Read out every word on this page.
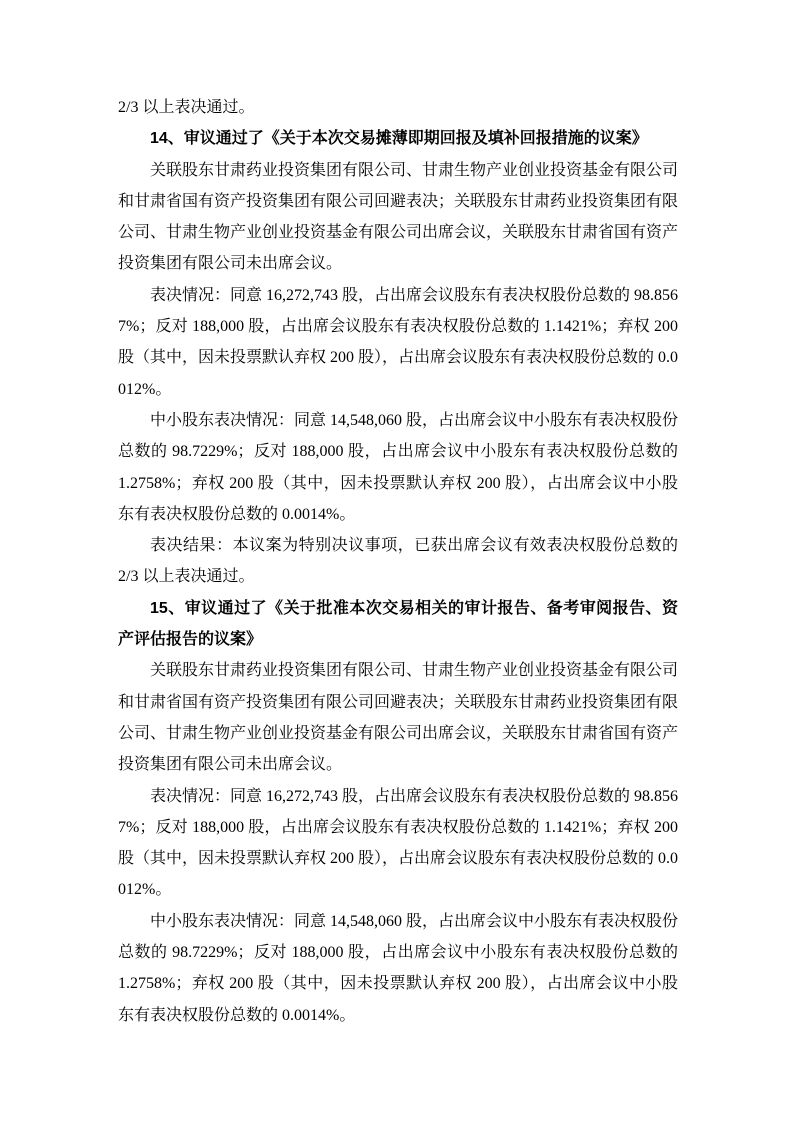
2/3 以上表决通过。

14、审议通过了《关于本次交易摊薄即期回报及填补回报措施的议案》

关联股东甘肃药业投资集团有限公司、甘肃生物产业创业投资基金有限公司和甘肃省国有资产投资集团有限公司回避表决；关联股东甘肃药业投资集团有限公司、甘肃生物产业创业投资基金有限公司出席会议，关联股东甘肃省国有资产投资集团有限公司未出席会议。

表决情况：同意 16,272,743 股，占出席会议股东有表决权股份总数的 98.8567%；反对 188,000 股，占出席会议股东有表决权股份总数的 1.1421%；弃权 200 股（其中，因未投票默认弃权 200 股），占出席会议股东有表决权股份总数的 0.0012%。

中小股东表决情况：同意 14,548,060 股，占出席会议中小股东有表决权股份总数的 98.7229%；反对 188,000 股，占出席会议中小股东有表决权股份总数的 1.2758%；弃权 200 股（其中，因未投票默认弃权 200 股），占出席会议中小股东有表决权股份总数的 0.0014%。

表决结果：本议案为特别决议事项，已获出席会议有效表决权股份总数的 2/3 以上表决通过。

15、审议通过了《关于批准本次交易相关的审计报告、备考审阅报告、资产评估报告的议案》

关联股东甘肃药业投资集团有限公司、甘肃生物产业创业投资基金有限公司和甘肃省国有资产投资集团有限公司回避表决；关联股东甘肃药业投资集团有限公司、甘肃生物产业创业投资基金有限公司出席会议，关联股东甘肃省国有资产投资集团有限公司未出席会议。

表决情况：同意 16,272,743 股，占出席会议股东有表决权股份总数的 98.8567%；反对 188,000 股，占出席会议股东有表决权股份总数的 1.1421%；弃权 200 股（其中，因未投票默认弃权 200 股），占出席会议股东有表决权股份总数的 0.0012%。

中小股东表决情况：同意 14,548,060 股，占出席会议中小股东有表决权股份总数的 98.7229%；反对 188,000 股，占出席会议中小股东有表决权股份总数的 1.2758%；弃权 200 股（其中，因未投票默认弃权 200 股），占出席会议中小股东有表决权股份总数的 0.0014%。
